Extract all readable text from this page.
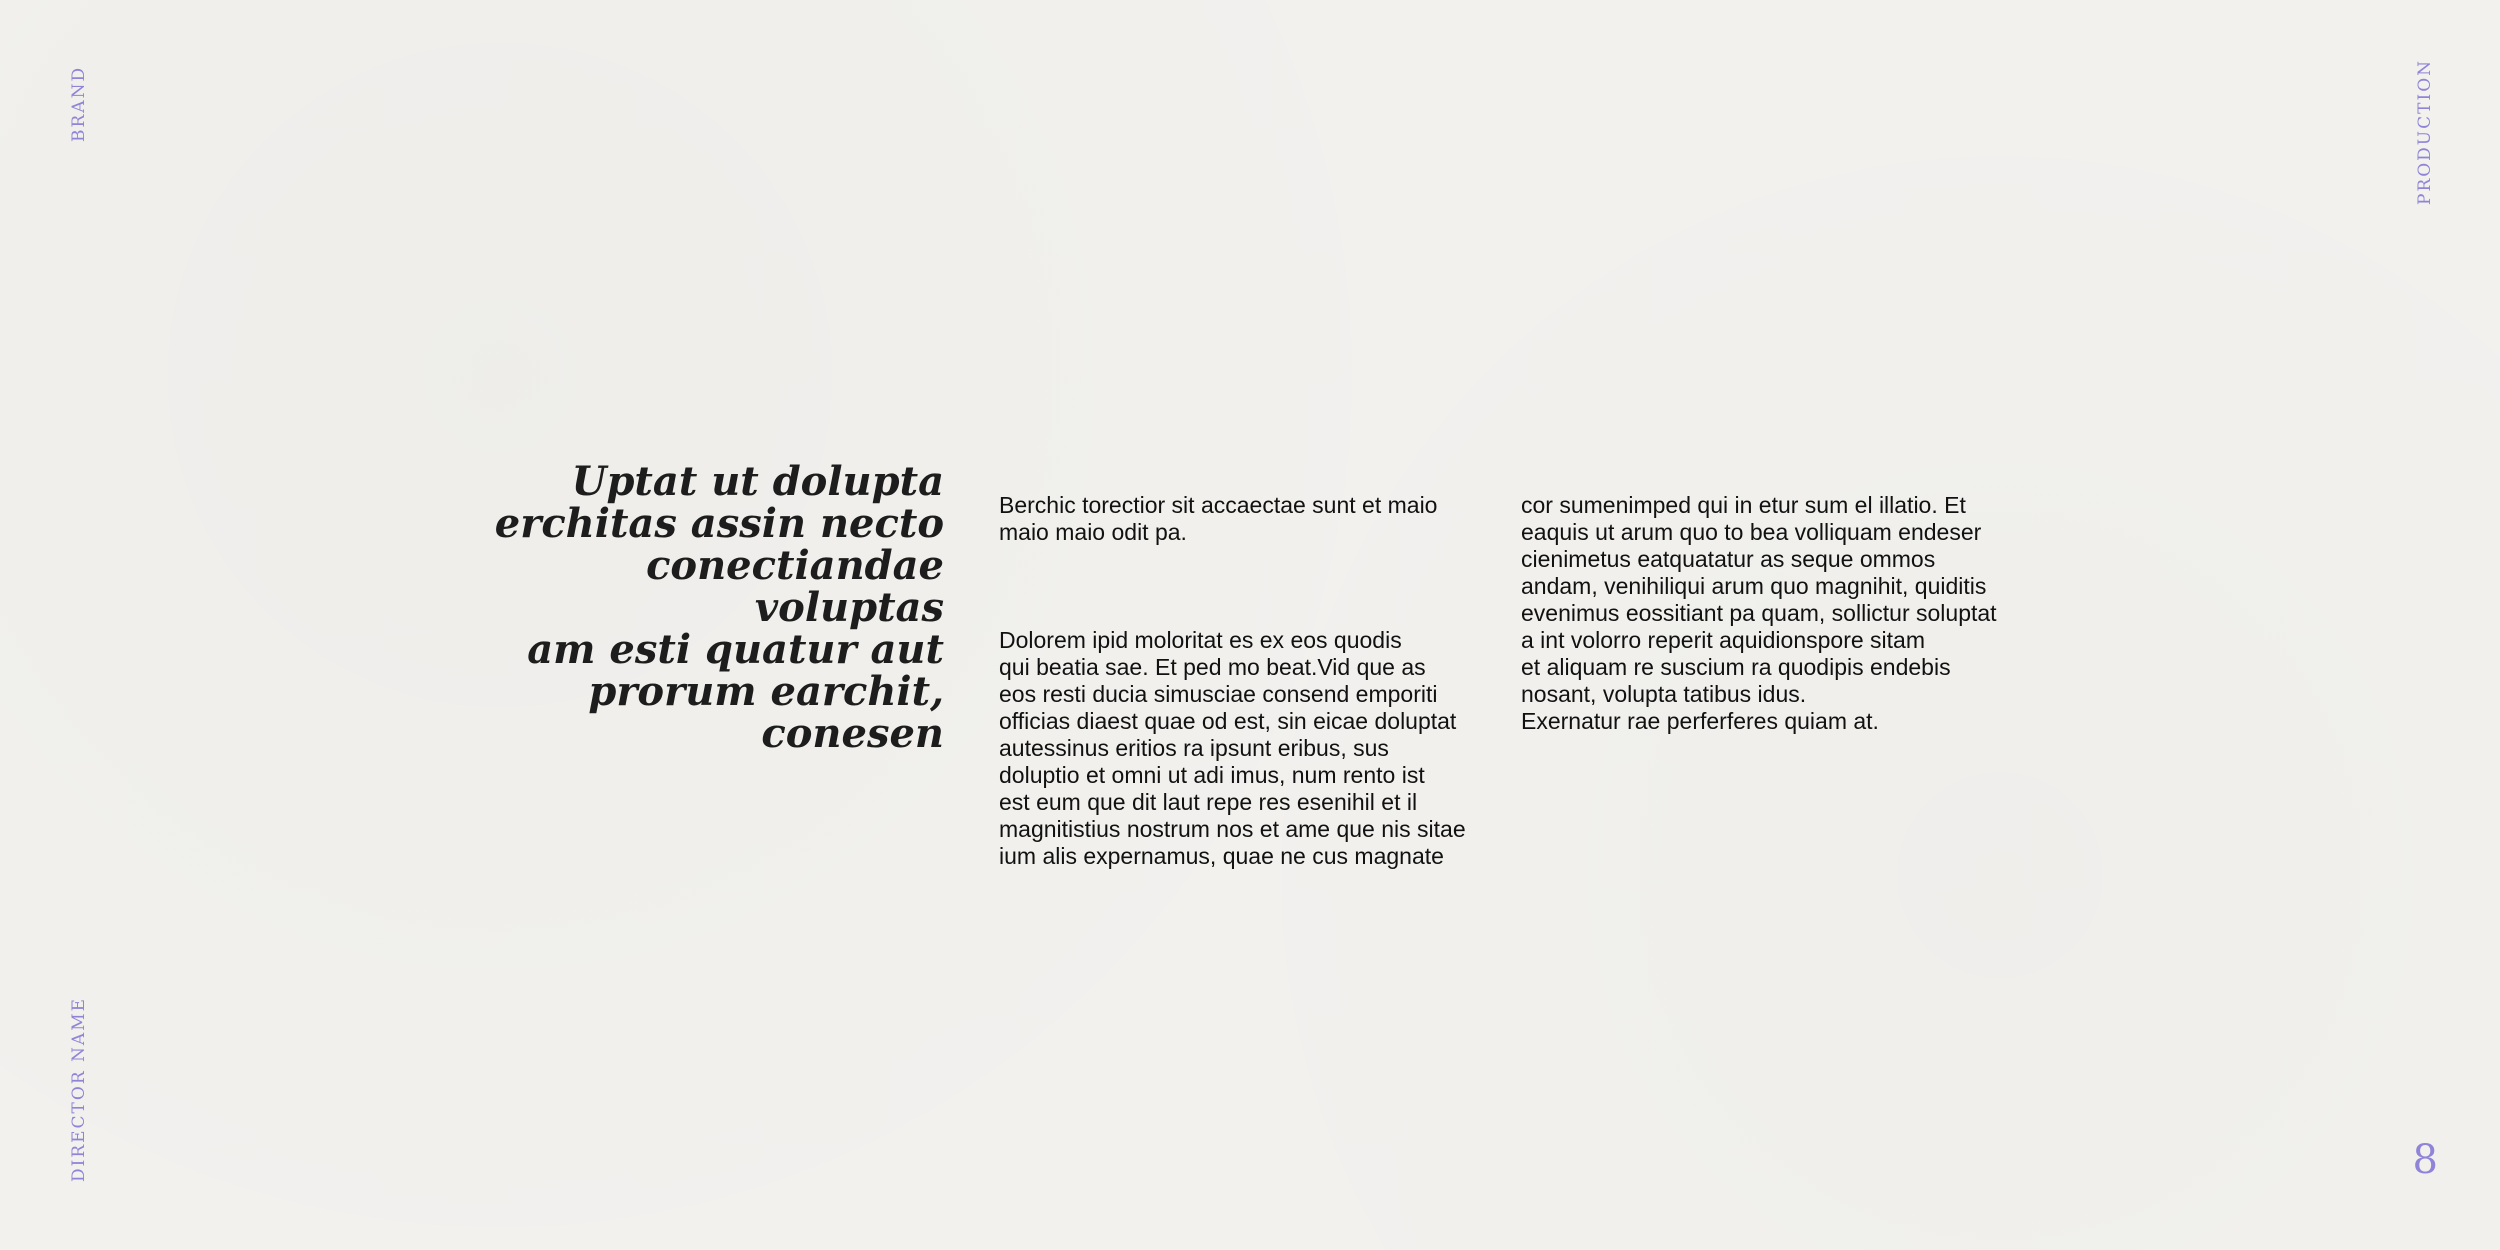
BRAND
DIRECTOR NAME
PRODUCTION
Uptat ut dolupta
erchitas assin necto
conectiandae voluptas
am esti quatur aut
prorum earchit, conesen

Berchic torectior sit accaectae sunt et maio
maio maio odit pa.

Dolorem ipid moloritat es ex eos quodis
qui beatia sae. Et ped mo beat.Vid que as
eos resti ducia simusciae consend emporiti
officias diaest quae od est, sin eicae doluptat
autessinus eritios ra ipsunt eribus, sus
doluptio et omni ut adi imus, num rento ist
est eum que dit laut repe res esenihil et il
magnitistius nostrum nos et ame que nis sitae
ium alis expernamus, quae ne cus magnate

cor sumenimped qui in etur sum el illatio. Et
eaquis ut arum quo to bea volliquam endeser
cienimetus eatquatatur as seque ommos
andam, venihiliqui arum quo magnihit, quiditis
evenimus eossitiant pa quam, sollictur soluptat
a int volorro reperit aquidionspore sitam
et aliquam re suscium ra quodipis endebis
nosant, volupta tatibus idus.
Exernatur rae perferferes quiam at.

8
